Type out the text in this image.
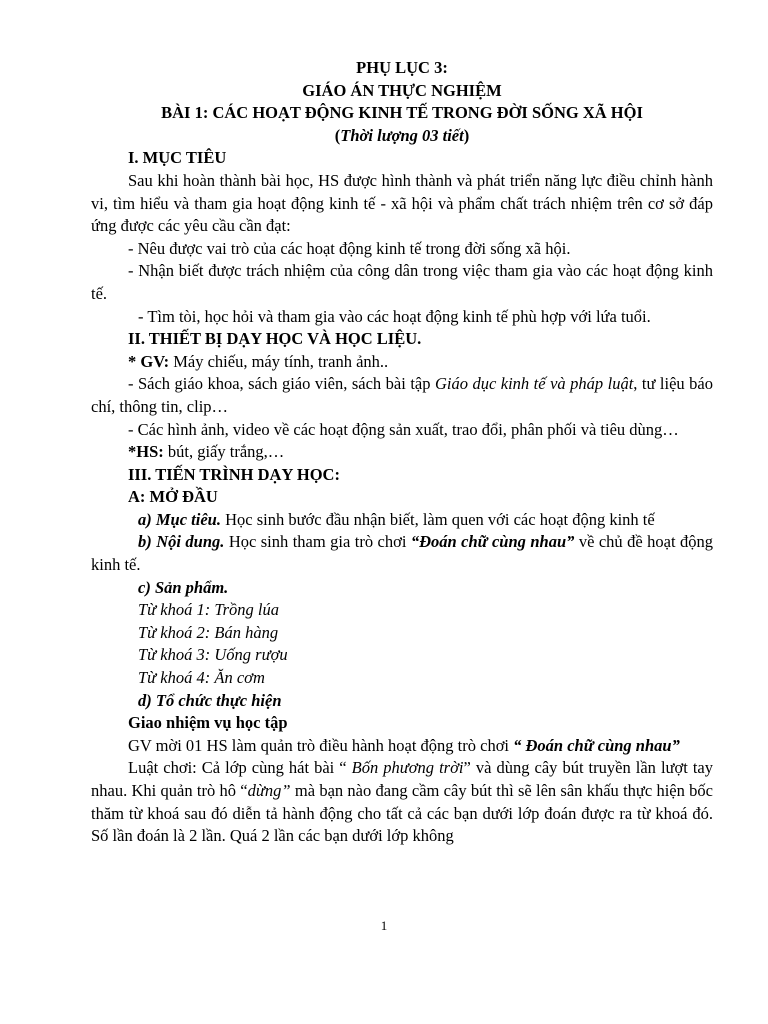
PHỤ LỤC 3:

GIÁO ÁN THỰC NGHIỆM

BÀI 1: CÁC HOẠT ĐỘNG KINH TẾ TRONG ĐỜI SỐNG XÃ HỘI

(Thời lượng 03 tiết)

I. MỤC TIÊU

Sau khi hoàn thành bài học, HS được hình thành và phát triển năng lực điều chỉnh hành vi, tìm hiểu và tham gia hoạt động kinh tế - xã hội và phẩm chất trách nhiệm trên cơ sở đáp ứng được các yêu cầu cần đạt:

- Nêu được vai trò của các hoạt động kinh tế trong đời sống xã hội.

- Nhận biết được trách nhiệm của công dân trong việc tham gia vào các hoạt động kinh tế.

- Tìm tòi, học hỏi và tham gia vào các hoạt động kinh tế phù hợp với lứa tuổi.

II. THIẾT BỊ DẠY HỌC VÀ HỌC LIỆU.

* GV: Máy chiếu, máy tính, tranh ảnh..

- Sách giáo khoa, sách giáo viên, sách bài tập Giáo dục kinh tế và pháp luật, tư liệu báo chí, thông tin, clip…

- Các hình ảnh, video về các hoạt động sản xuất, trao đổi, phân phối và tiêu dùng…

*HS: bút, giấy trắng,…

III. TIẾN TRÌNH DẠY HỌC:

A: MỞ ĐẦU

a) Mục tiêu. Học sinh bước đầu nhận biết, làm quen với các hoạt động kinh tế

b) Nội dung. Học sinh tham gia trò chơi “Đoán chữ cùng nhau” về chủ đề hoạt động kinh tế.

c) Sản phẩm.

Từ khoá 1: Trồng lúa

Từ khoá 2: Bán hàng

Từ khoá 3: Uống rượu

Từ khoá 4: Ăn cơm

d) Tổ chức thực hiện

Giao nhiệm vụ học tập

GV mời 01 HS làm quản trò điều hành hoạt động trò chơi “ Đoán chữ cùng nhau”

Luật chơi: Cả lớp cùng hát bài “ Bốn phương trời” và dùng cây bút truyền lần lượt tay nhau. Khi quản trò hô “dừng” mà bạn nào đang cầm cây bút thì sẽ lên sân khấu thực hiện bốc thăm từ khoá sau đó diễn tả hành động cho tất cả các bạn dưới lớp đoán được ra từ khoá đó. Số lần đoán là 2 lần. Quá 2 lần các bạn dưới lớp không

1
